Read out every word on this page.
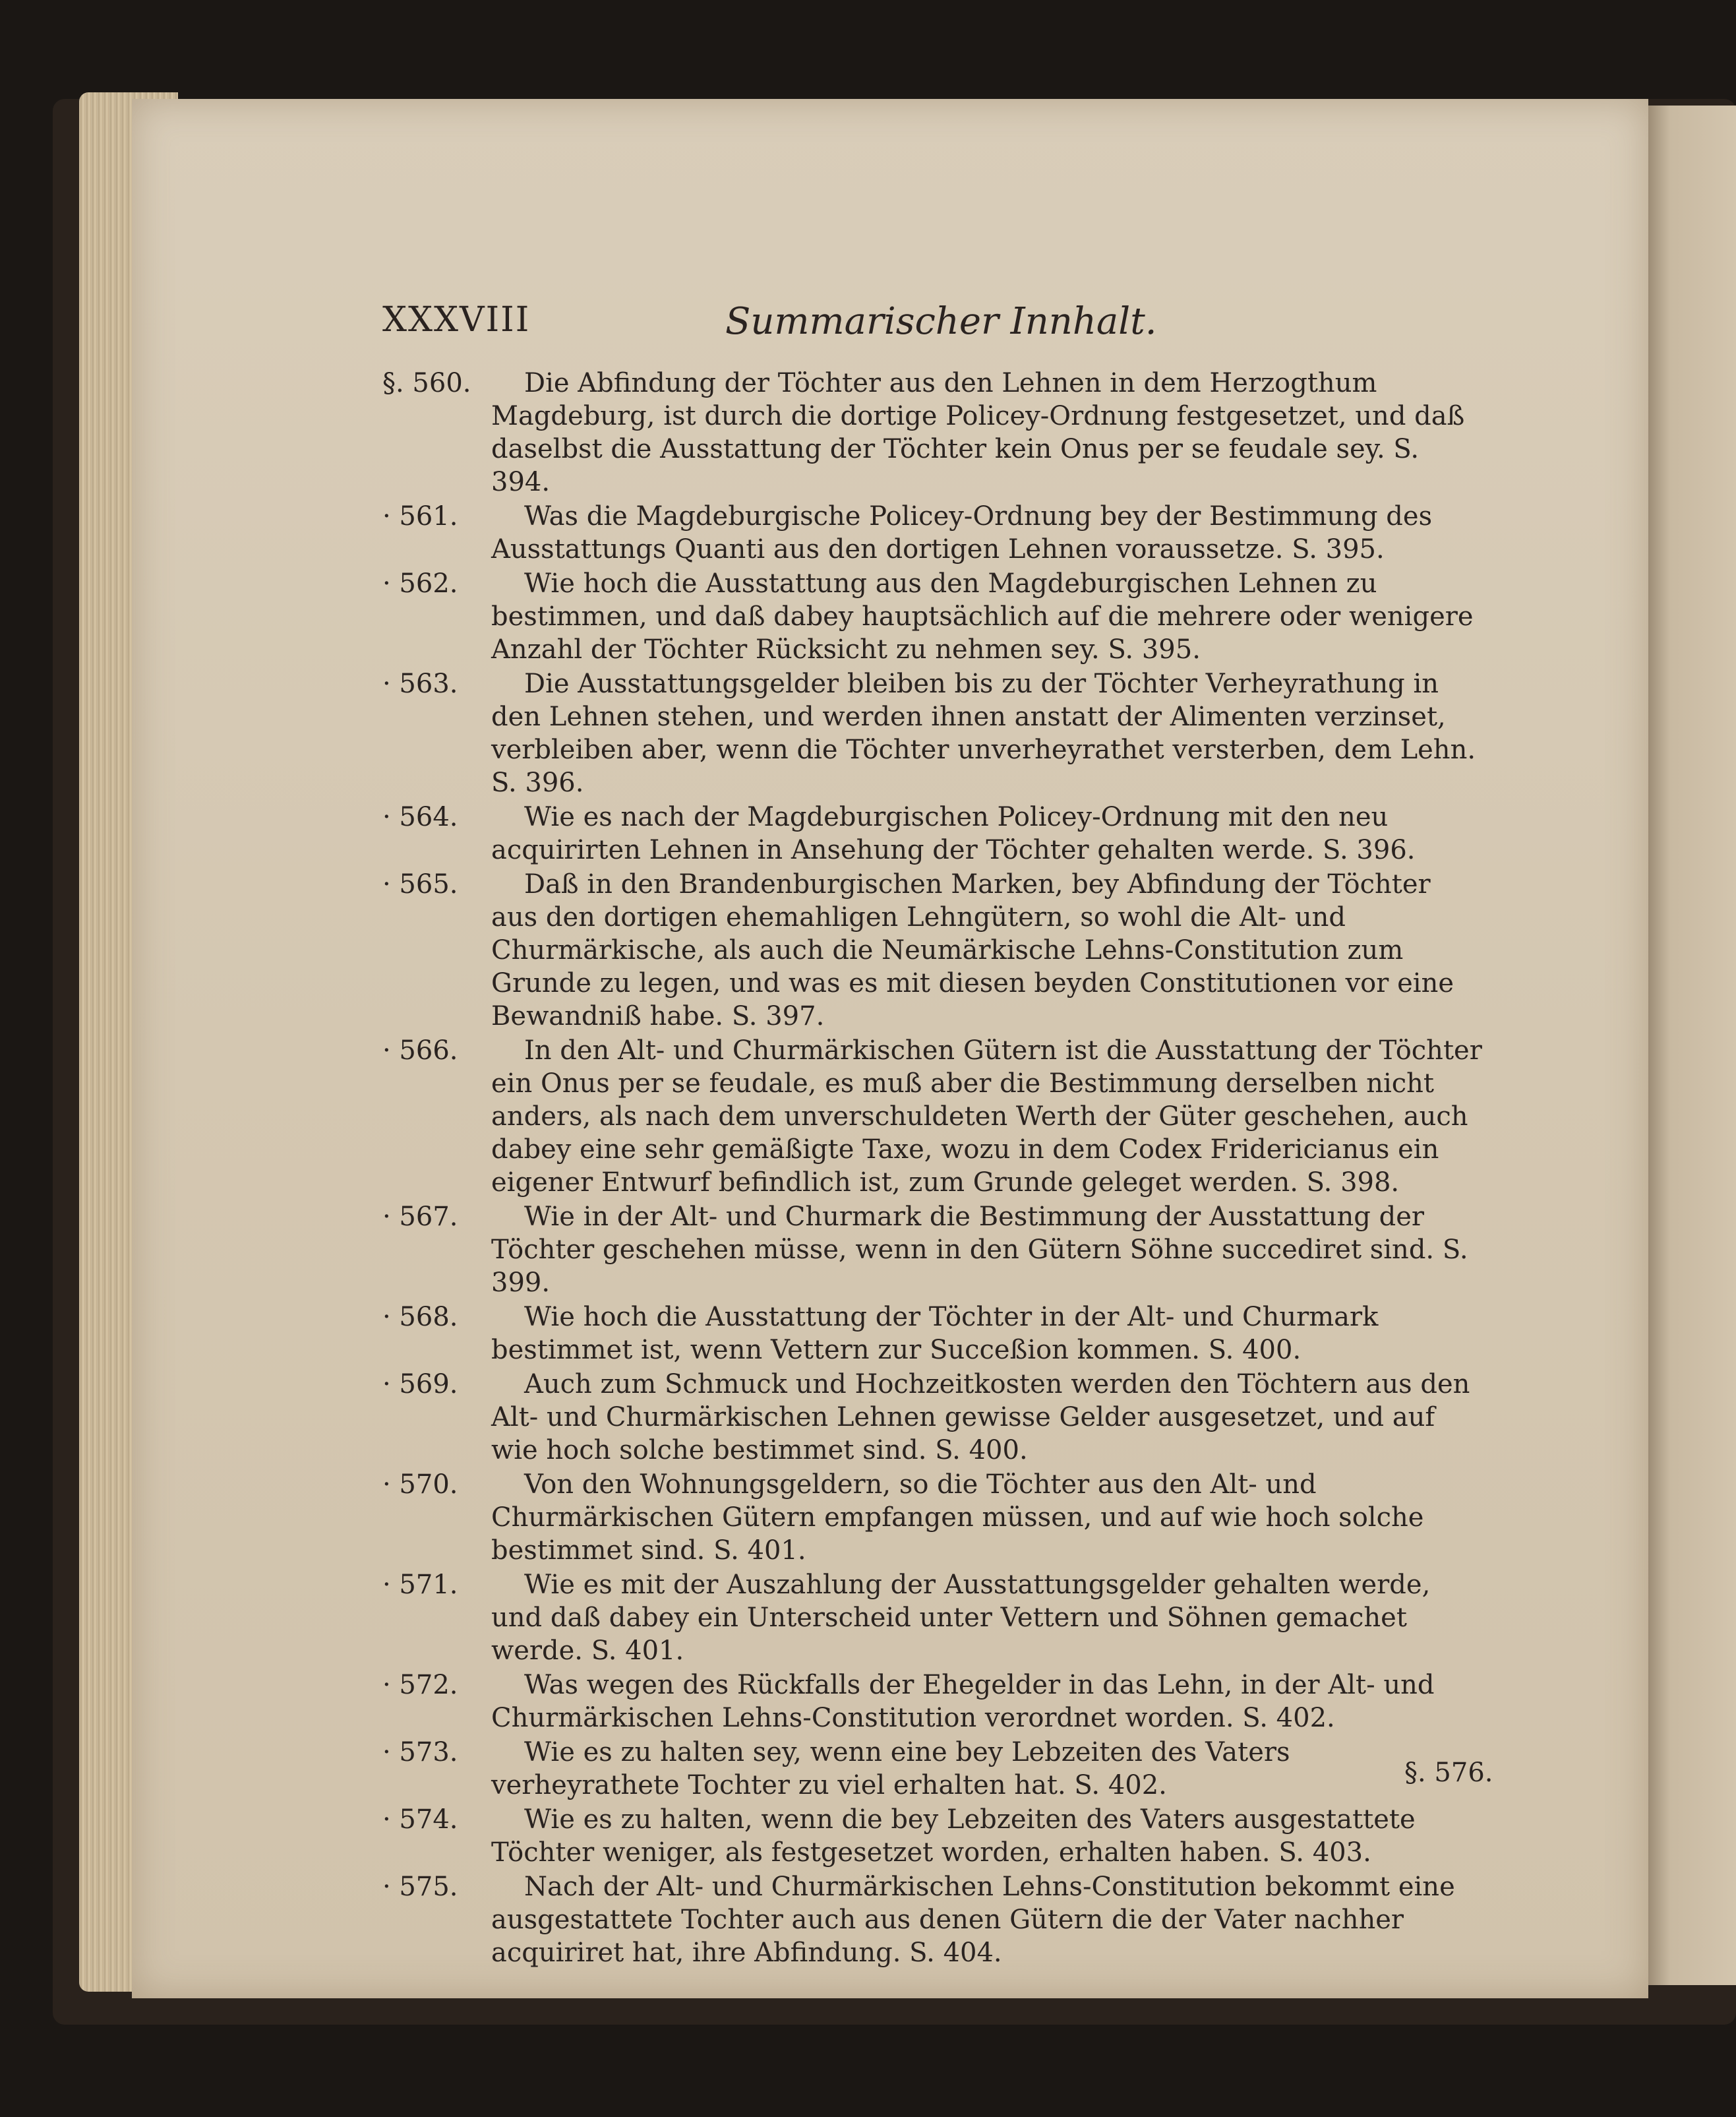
XXXVIII	Summarischer Innhalt.
§. 560.	Die Abfindung der Töchter aus den Lehnen in dem Herzogthum Magdeburg, ist durch die dortige Policey-Ordnung festgesetzet, und daß daselbst die Ausstattung der Töchter kein Onus per se feudale sey. S. 394.
· 561.	Was die Magdeburgische Policey-Ordnung bey der Bestimmung des Ausstattungs Quanti aus den dortigen Lehnen voraussetze. S. 395.
· 562.	Wie hoch die Ausstattung aus den Magdeburgischen Lehnen zu bestimmen, und daß dabey hauptsächlich auf die mehrere oder wenigere Anzahl der Töchter Rücksicht zu nehmen sey. S. 395.
· 563.	Die Ausstattungsgelder bleiben bis zu der Töchter Verheyrathung in den Lehnen stehen, und werden ihnen anstatt der Alimenten verzinset, verbleiben aber, wenn die Töchter unverheyrathet versterben, dem Lehn. S. 396.
· 564.	Wie es nach der Magdeburgischen Policey-Ordnung mit den neu acquirirten Lehnen in Ansehung der Töchter gehalten werde. S. 396.
· 565.	Daß in den Brandenburgischen Marken, bey Abfindung der Töchter aus den dortigen ehemahligen Lehngütern, so wohl die Alt- und Churmärkische, als auch die Neumärkische Lehns-Constitution zum Grunde zu legen, und was es mit diesen beyden Constitutionen vor eine Bewandniß habe. S. 397.
· 566.	In den Alt- und Churmärkischen Gütern ist die Ausstattung der Töchter ein Onus per se feudale, es muß aber die Bestimmung derselben nicht anders, als nach dem unverschuldeten Werth der Güter geschehen, auch dabey eine sehr gemäßigte Taxe, wozu in dem Codex Fridericianus ein eigener Entwurf befindlich ist, zum Grunde geleget werden. S. 398.
· 567.	Wie in der Alt- und Churmark die Bestimmung der Ausstattung der Töchter geschehen müsse, wenn in den Gütern Söhne succediret sind. S. 399.
· 568.	Wie hoch die Ausstattung der Töchter in der Alt- und Churmark bestimmet ist, wenn Vettern zur Succeßion kommen. S. 400.
· 569.	Auch zum Schmuck und Hochzeitkosten werden den Töchtern aus den Alt- und Churmärkischen Lehnen gewisse Gelder ausgesetzet, und auf wie hoch solche bestimmet sind. S. 400.
· 570.	Von den Wohnungsgeldern, so die Töchter aus den Alt- und Churmärkischen Gütern empfangen müssen, und auf wie hoch solche bestimmet sind. S. 401.
· 571.	Wie es mit der Auszahlung der Ausstattungsgelder gehalten werde, und daß dabey ein Unterscheid unter Vettern und Söhnen gemachet werde. S. 401.
· 572.	Was wegen des Rückfalls der Ehegelder in das Lehn, in der Alt- und Churmärkischen Lehns-Constitution verordnet worden. S. 402.
· 573.	Wie es zu halten sey, wenn eine bey Lebzeiten des Vaters verheyrathete Tochter zu viel erhalten hat. S. 402.
· 574.	Wie es zu halten, wenn die bey Lebzeiten des Vaters ausgestattete Töchter weniger, als festgesetzet worden, erhalten haben. S. 403.
· 575.	Nach der Alt- und Churmärkischen Lehns-Constitution bekommt eine ausgestattete Tochter auch aus denen Gütern die der Vater nachher acquiriret hat, ihre Abfindung. S. 404.
§. 576.
